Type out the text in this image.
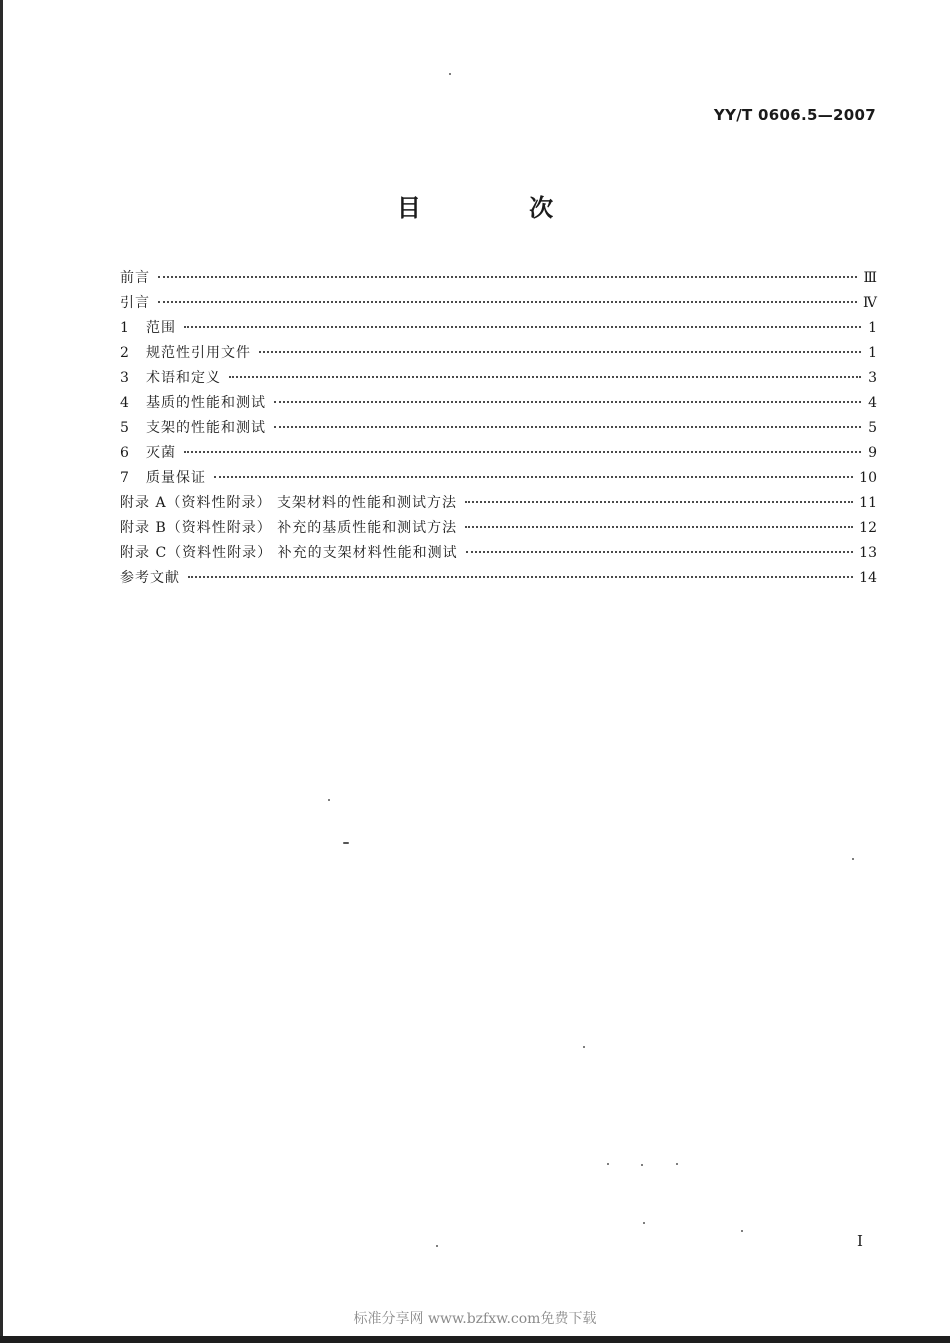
YY/T 0606.5—2007
目 次
前言	Ⅲ
引言	Ⅳ
1	范围	1
2	规范性引用文件	1
3	术语和定义	3
4	基质的性能和测试	4
5	支架的性能和测试	5
6	灭菌	9
7	质量保证	10
附录 A（资料性附录） 支架材料的性能和测试方法	11
附录 B（资料性附录） 补充的基质性能和测试方法	12
附录 C（资料性附录） 补充的支架材料性能和测试	13
参考文献	14
I
标准分享网 www.bzfxw.com免费下载
